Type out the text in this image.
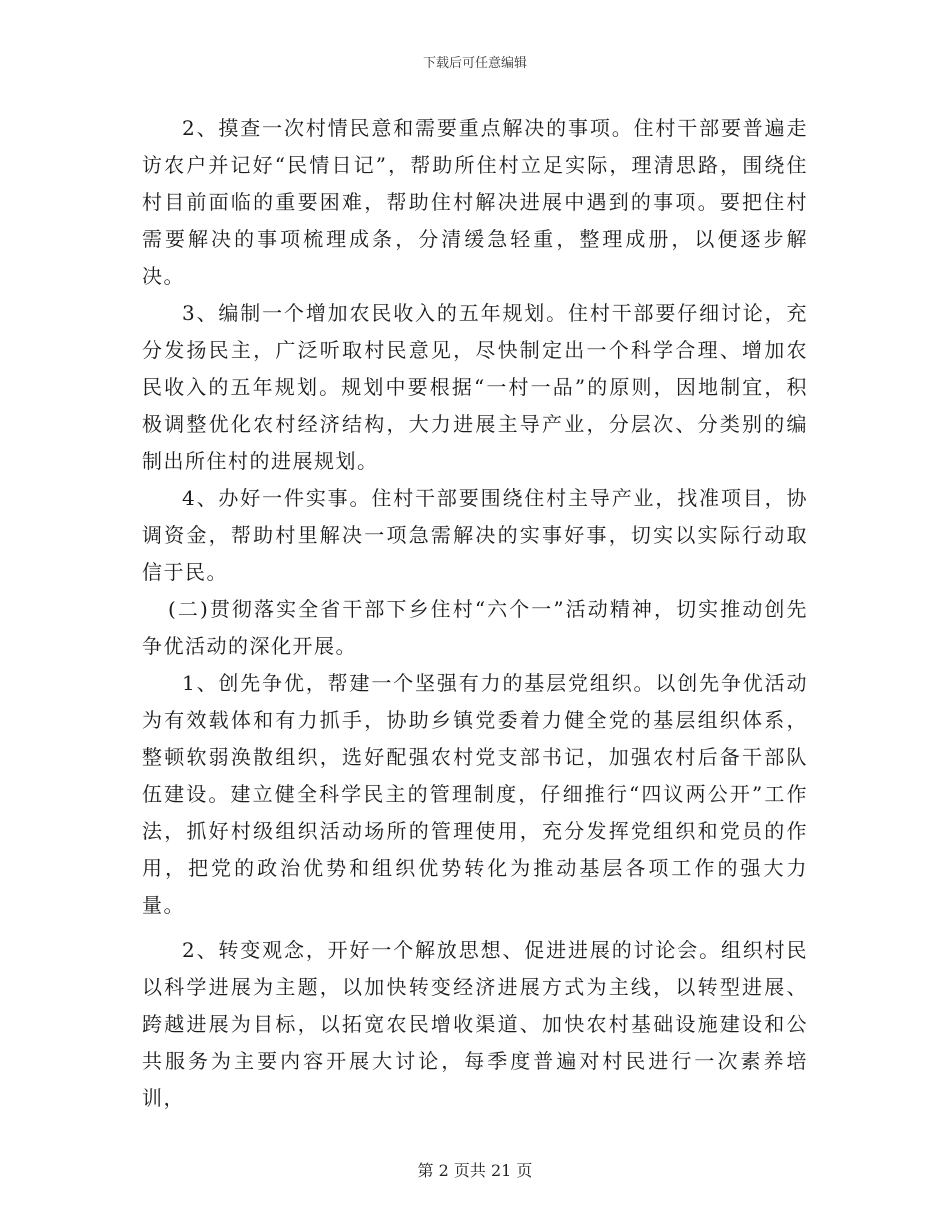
下载后可任意编辑

2、摸查一次村情民意和需要重点解决的事项。住村干部要普遍走访农户并记好“民情日记”，帮助所住村立足实际，理清思路，围绕住村目前面临的重要困难，帮助住村解决进展中遇到的事项。要把住村需要解决的事项梳理成条，分清缓急轻重，整理成册，以便逐步解决。

3、编制一个增加农民收入的五年规划。住村干部要仔细讨论，充分发扬民主，广泛听取村民意见，尽快制定出一个科学合理、增加农民收入的五年规划。规划中要根据“一村一品”的原则，因地制宜，积极调整优化农村经济结构，大力进展主导产业，分层次、分类别的编制出所住村的进展规划。

4、办好一件实事。住村干部要围绕住村主导产业，找准项目，协调资金，帮助村里解决一项急需解决的实事好事，切实以实际行动取信于民。

(二)贯彻落实全省干部下乡住村“六个一”活动精神，切实推动创先争优活动的深化开展。

1、创先争优，帮建一个坚强有力的基层党组织。以创先争优活动为有效载体和有力抓手，协助乡镇党委着力健全党的基层组织体系，整顿软弱涣散组织，选好配强农村党支部书记，加强农村后备干部队伍建设。建立健全科学民主的管理制度，仔细推行“四议两公开”工作法，抓好村级组织活动场所的管理使用，充分发挥党组织和党员的作用，把党的政治优势和组织优势转化为推动基层各项工作的强大力量。

2、转变观念，开好一个解放思想、促进进展的讨论会。组织村民以科学进展为主题，以加快转变经济进展方式为主线，以转型进展、跨越进展为目标，以拓宽农民增收渠道、加快农村基础设施建设和公共服务为主要内容开展大讨论，每季度普遍对村民进行一次素养培训，

第 2 页共 21 页
